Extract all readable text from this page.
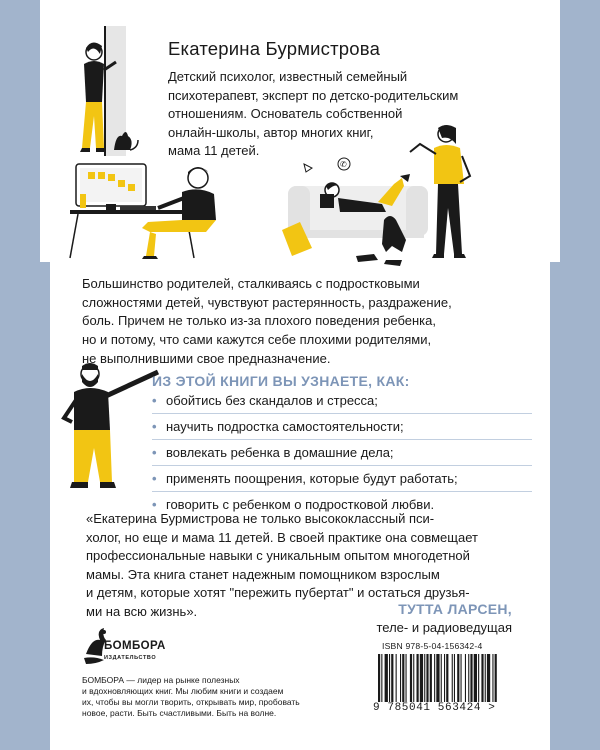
✆
Екатерина Бурмистрова
Детский психолог, известный семейный
психотерапевт, эксперт по детско-родительским
отношениям. Основатель собственной
онлайн-школы, автор многих книг,
мама 11 детей.
Большинство родителей, сталкиваясь с подростковыми
сложностями детей, чувствуют растерянность, раздражение,
боль. Причем не только из-за плохого поведения ребенка,
но и потому, что сами кажутся себе плохими родителями,
не выполнившими свое предназначение.
ИЗ ЭТОЙ КНИГИ ВЫ УЗНАЕТЕ, КАК:
• обойтись без скандалов и стресса;
• научить подростка самостоятельности;
• вовлекать ребенка в домашние дела;
• применять поощрения, которые будут работать;
• говорить с ребенком о подростковой любви.
«Екатерина Бурмистрова не только высококлассный пси-
холог, но еще и мама 11 детей. В своей практике она совмещает
профессиональные навыки с уникальным опытом многодетной
мамы. Эта книга станет надежным помощником взрослым
и детям, которые хотят "пережить пубертат" и остаться друзья-
ми на всю жизнь».	ТУТТА ЛАРСЕН,
теле- и радиоведущая
БОМБОРА
ИЗДАТЕЛЬСТВО
БОМБОРА — лидер на рынке полезных
и вдохновляющих книг. Мы любим книги и создаем
их, чтобы вы могли творить, открывать мир, пробовать
новое, расти. Быть счастливыми. Быть на волне.
ISBN 978-5-04-156342-4
9 785041 563424 >
